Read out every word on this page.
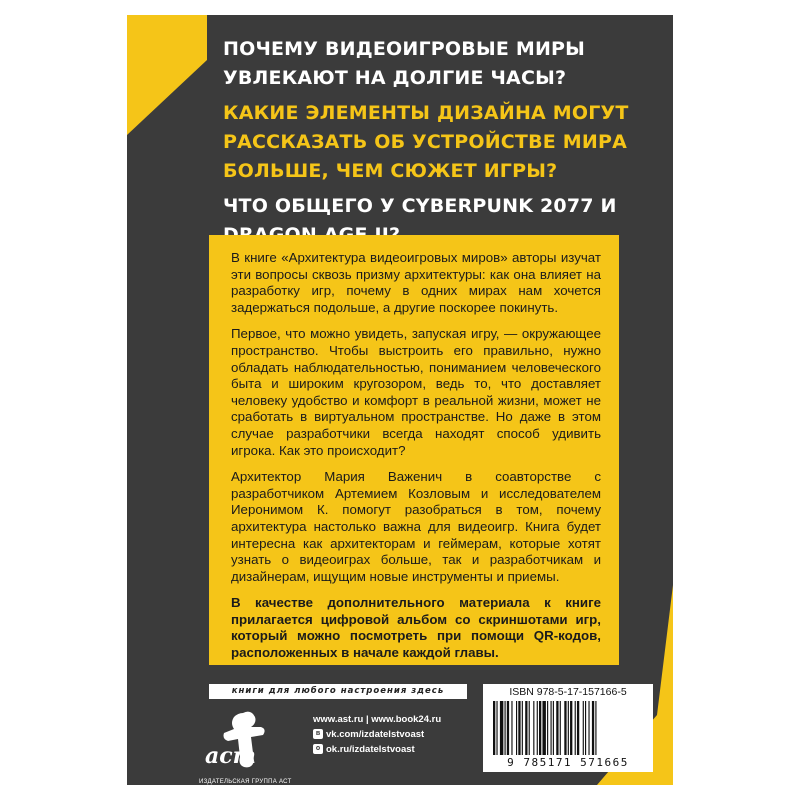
ПОЧЕМУ ВИДЕОИГРОВЫЕ МИРЫ УВЛЕКАЮТ НА ДОЛГИЕ ЧАСЫ?
КАКИЕ ЭЛЕМЕНТЫ ДИЗАЙНА МОГУТ РАССКАЗАТЬ ОБ УСТРОЙСТВЕ МИРА БОЛЬШЕ, ЧЕМ СЮЖЕТ ИГРЫ?
ЧТО ОБЩЕГО У CYBERPUNK 2077 И

В книге «Архитектура видеоигровых миров» авторы изучат эти вопросы сквозь призму архитектуры: как она влияет на разработку игр, почему в одних мирах нам хочется задержаться подольше, а другие поскорее покинуть.

Первое, что можно увидеть, запуская игру, — окружающее пространство. Чтобы выстроить его правильно, нужно обладать наблюдательностью, пониманием человеческого быта и широким кругозором, ведь то, что доставляет человеку удобство и комфорт в реальной жизни, может не сработать в виртуальном пространстве. Но даже в этом случае разработчики всегда находят способ удивить игрока. Как это происходит?

Архитектор Мария Важенич в соавторстве с разработчиком Артемием Козловым и исследователем Иеронимом К. помогут разобраться в том, почему архитектура настолько важна для видеоигр. Книга будет интересна как архитекторам и геймерам, которые хотят узнать о видеоиграх больше, так и разработчикам и дизайнерам, ищущим новые инструменты и приемы.

В качестве дополнительного материала к книге прилагается цифровой альбом со скриншотами игр, который можно посмотреть при помощи QR-кодов, расположенных в начале каждой главы.

книги для любого настроения здесь
аст
ИЗДАТЕЛЬСКАЯ ГРУППА АСТ
www.ast.ru | www.book24.ru
в vk.com/izdatelstvoast
о ok.ru/izdatelstvoast
ISBN 978-5-17-157166-5
9 785171 571665
